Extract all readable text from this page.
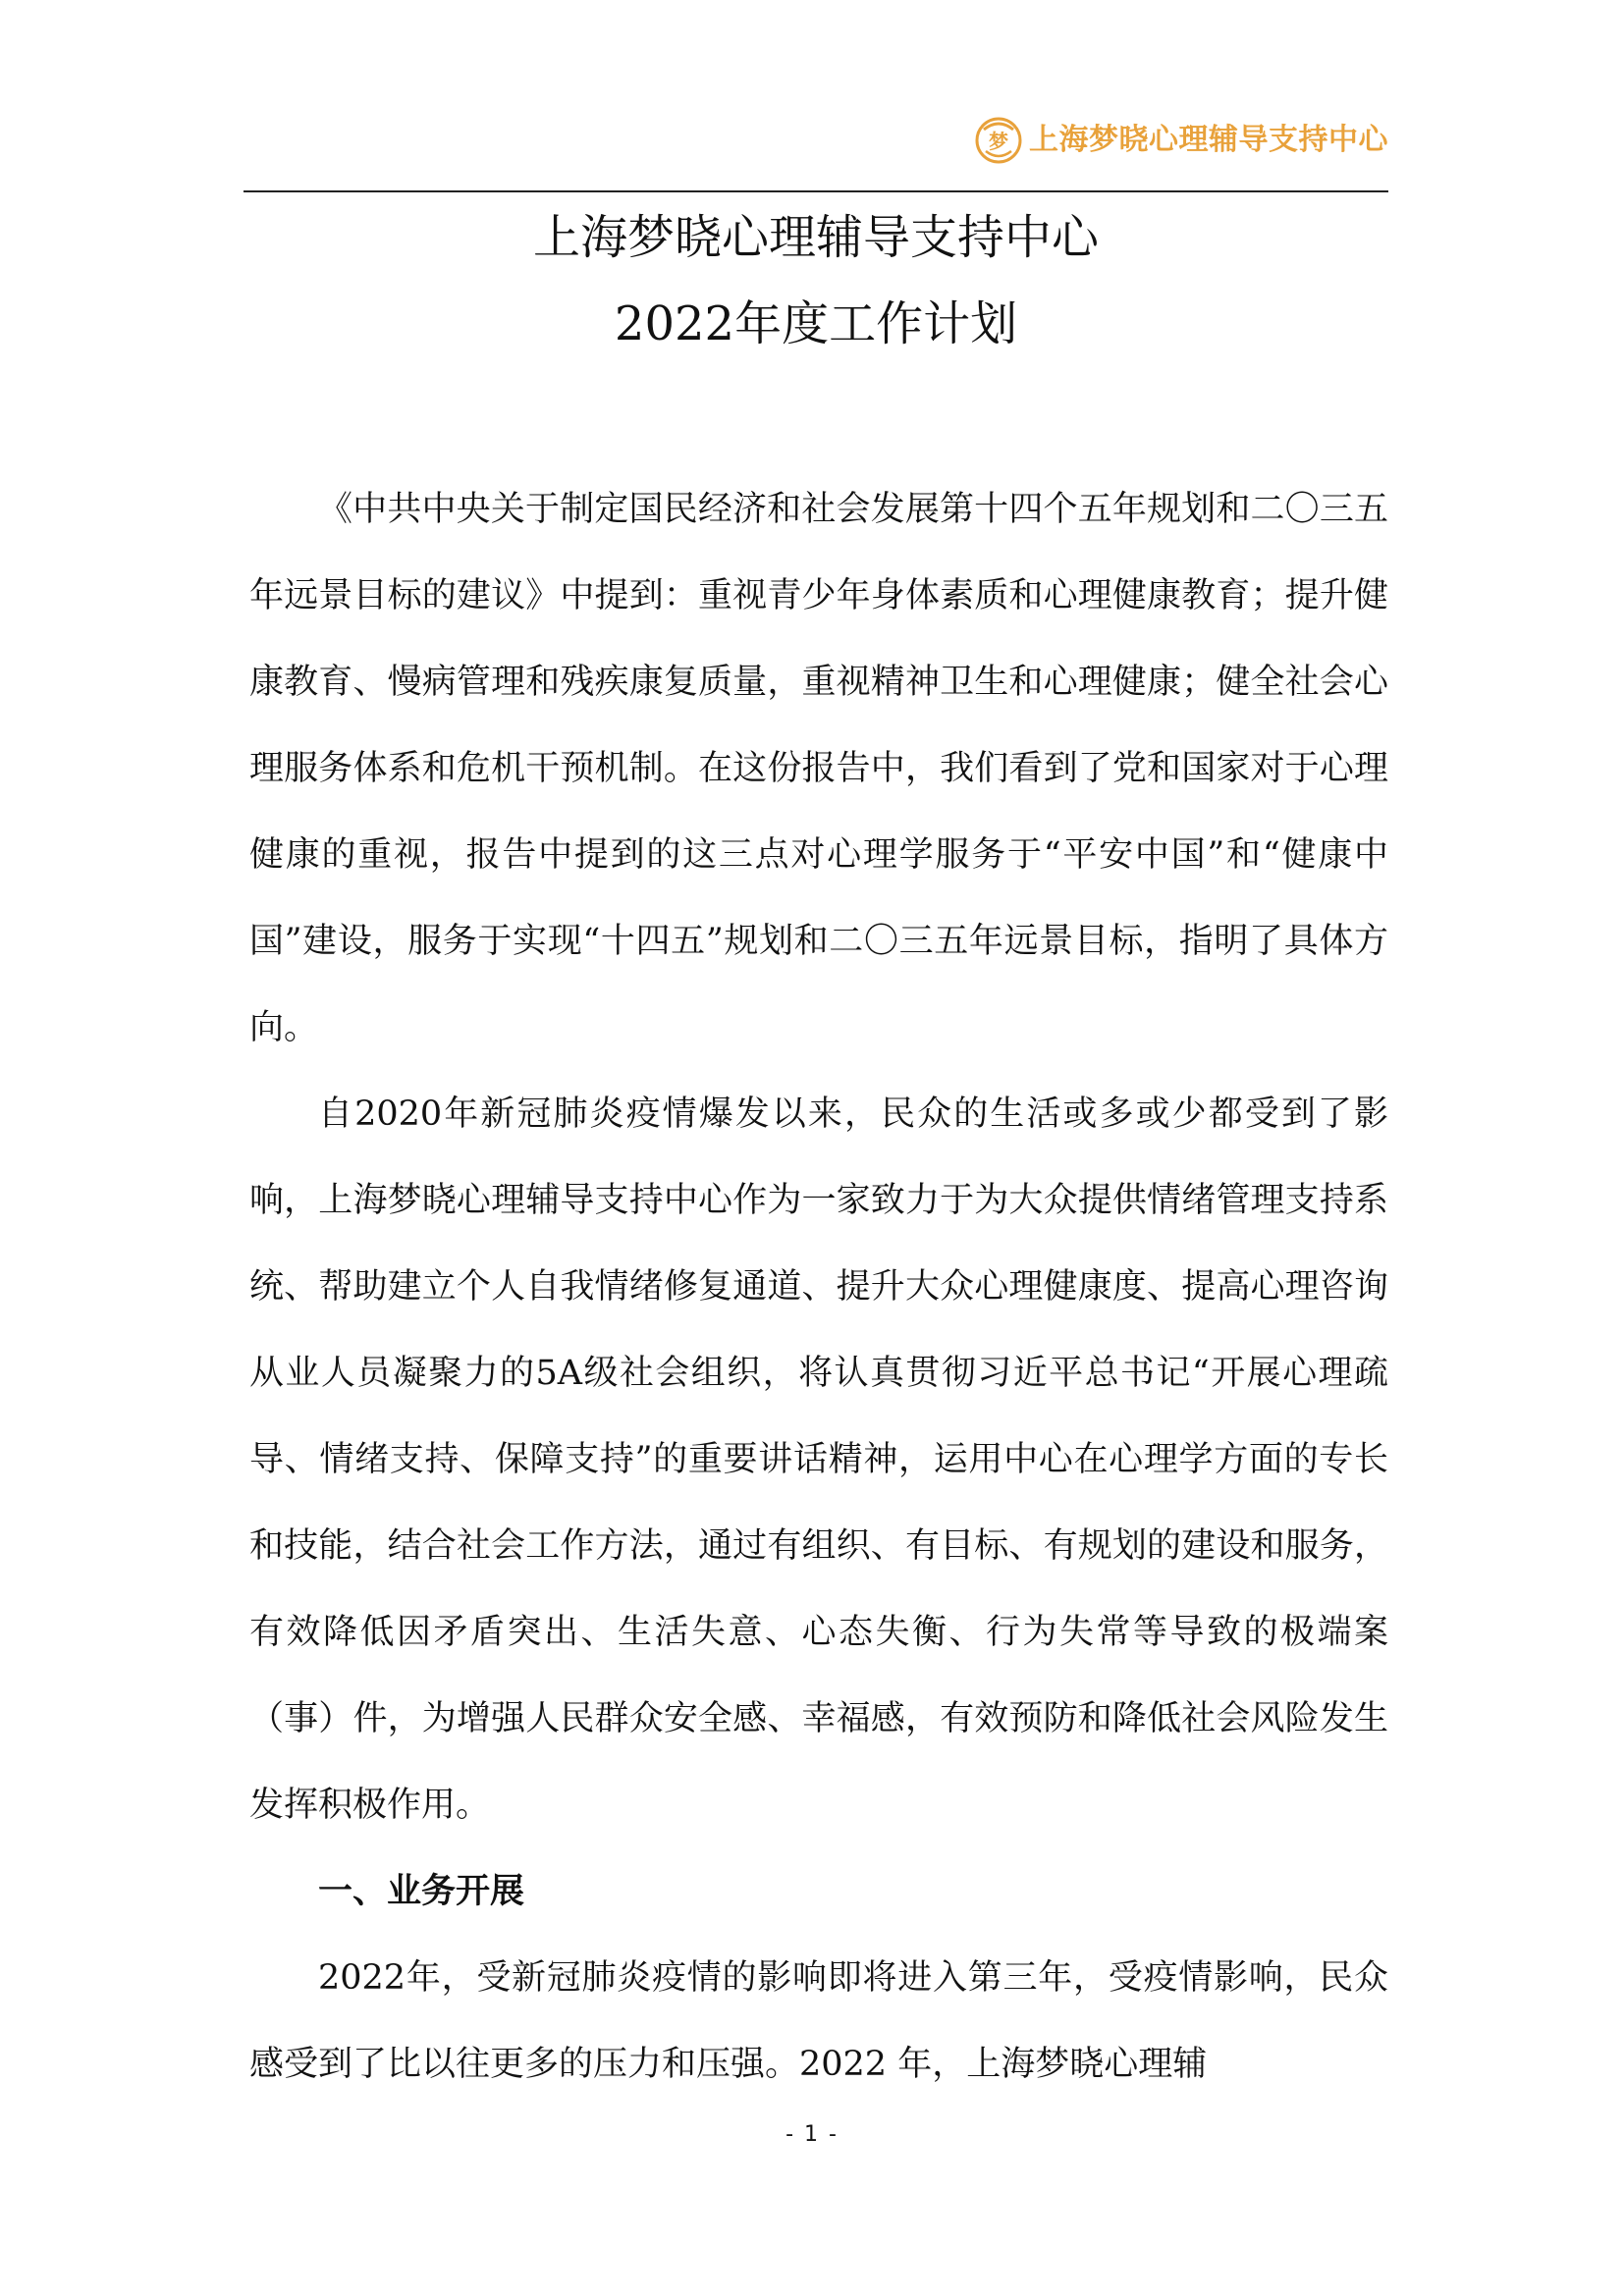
梦 上海梦晓心理辅导支持中心
上海梦晓心理辅导支持中心
2022年度工作计划

《中共中央关于制定国民经济和社会发展第十四个五年规划和二〇三五年远景目标的建议》中提到：重视青少年身体素质和心理健康教育；提升健康教育、慢病管理和残疾康复质量，重视精神卫生和心理健康；健全社会心理服务体系和危机干预机制。在这份报告中，我们看到了党和国家对于心理健康的重视，报告中提到的这三点对心理学服务于“平安中国”和“健康中国”建设，服务于实现“十四五”规划和二〇三五年远景目标，指明了具体方向。

自2020年新冠肺炎疫情爆发以来，民众的生活或多或少都受到了影响，上海梦晓心理辅导支持中心作为一家致力于为大众提供情绪管理支持系统、帮助建立个人自我情绪修复通道、提升大众心理健康度、提高心理咨询从业人员凝聚力的5A级社会组织，将认真贯彻习近平总书记“开展心理疏导、情绪支持、保障支持”的重要讲话精神，运用中心在心理学方面的专长和技能，结合社会工作方法，通过有组织、有目标、有规划的建设和服务，有效降低因矛盾突出、生活失意、心态失衡、行为失常等导致的极端案（事）件，为增强人民群众安全感、幸福感，有效预防和降低社会风险发生发挥积极作用。

一、业务开展

2022年，受新冠肺炎疫情的影响即将进入第三年，受疫情影响，民众感受到了比以往更多的压力和压强。2022 年，上海梦晓心理辅

- 1 -
